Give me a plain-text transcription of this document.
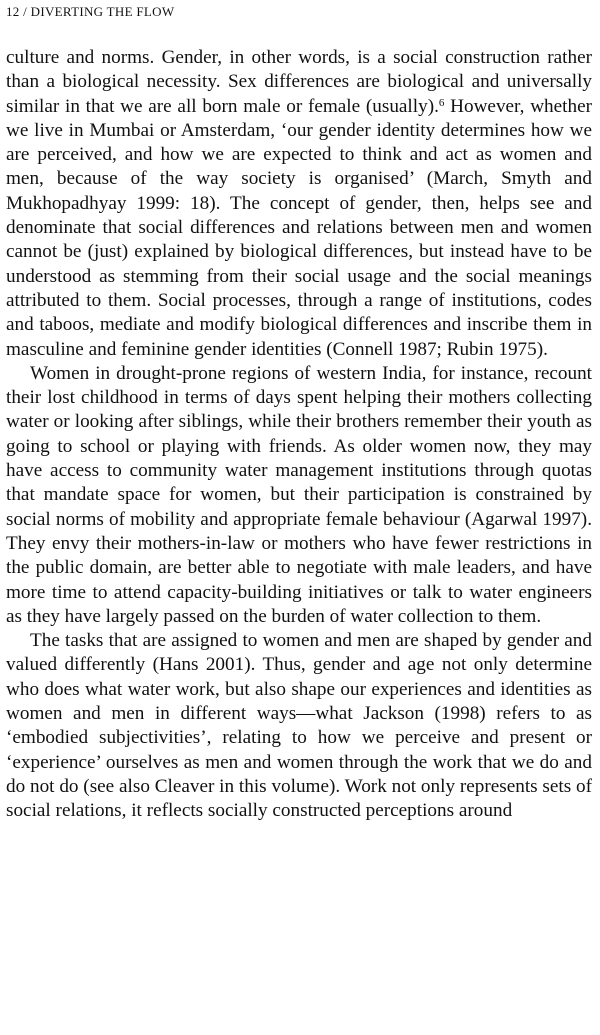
12 / DIVERTING THE FLOW

culture and norms. Gender, in other words, is a social construction rather than a biological necessity. Sex differences are biological and universally similar in that we are all born male or female (usually).$^6$ However, whether we live in Mumbai or Amsterdam, ‘our gender identity determines how we are perceived, and how we are expected to think and act as women and men, because of the way society is organised’ (March, Smyth and Mukhopadhyay 1999: 18). The concept of gender, then, helps see and denominate that social differences and relations between men and women cannot be (just) explained by biological differences, but instead have to be understood as stemming from their social usage and the social meanings attributed to them. Social processes, through a range of institutions, codes and taboos, mediate and modify biological differences and inscribe them in masculine and feminine gender identities (Connell 1987; Rubin 1975).

Women in drought-prone regions of western India, for instance, recount their lost childhood in terms of days spent helping their mothers collecting water or looking after siblings, while their brothers remember their youth as going to school or playing with friends. As older women now, they may have access to community water management institutions through quotas that mandate space for women, but their participation is constrained by social norms of mobility and appropriate female behaviour (Agarwal 1997). They envy their mothers-in-law or mothers who have fewer restrictions in the public domain, are better able to negotiate with male leaders, and have more time to attend capacity-building initiatives or talk to water engineers as they have largely passed on the burden of water collection to them.

The tasks that are assigned to women and men are shaped by gender and valued differently (Hans 2001). Thus, gender and age not only determine who does what water work, but also shape our experiences and identities as women and men in different ways—what Jackson (1998) refers to as ‘embodied subjectivities’, relating to how we perceive and present or ‘experience’ ourselves as men and women through the work that we do and do not do (see also Cleaver in this volume). Work not only represents sets of social relations, it reflects socially constructed perceptions around
